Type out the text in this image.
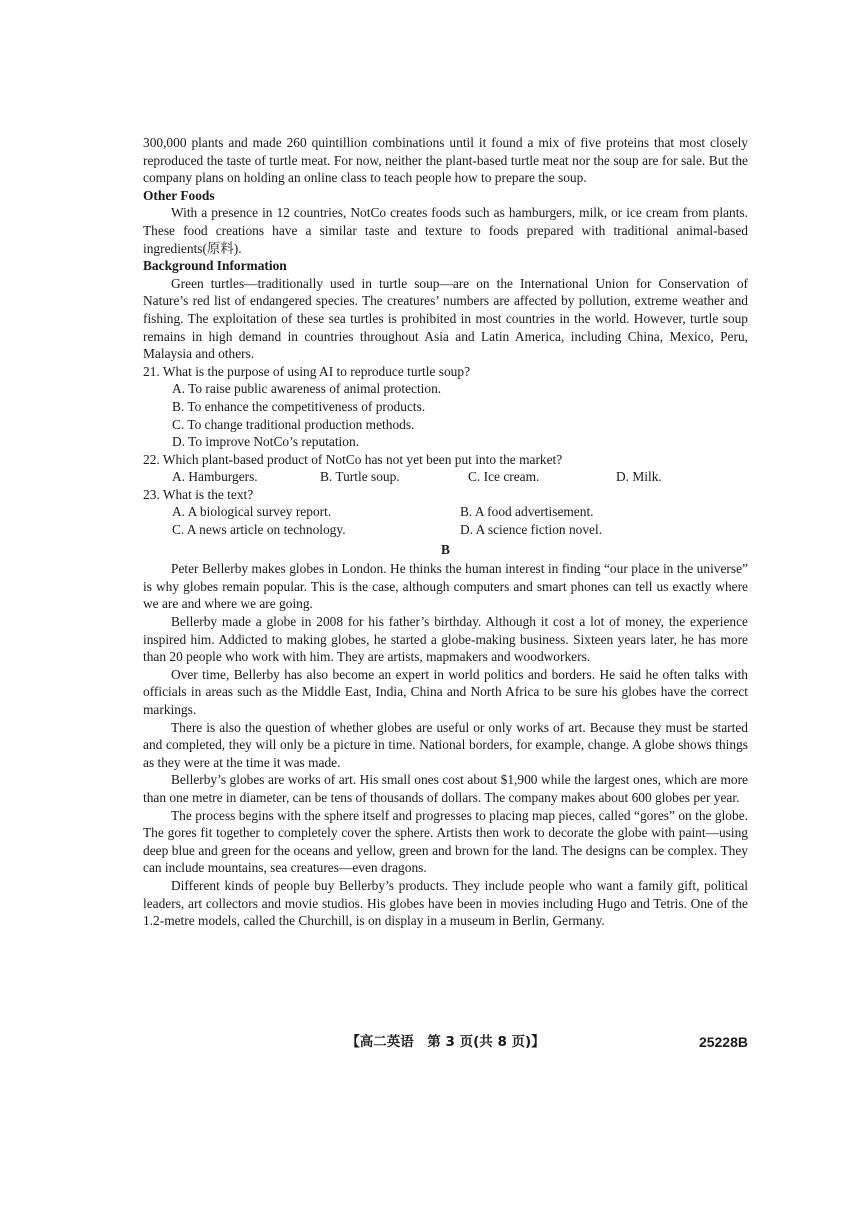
300,000 plants and made 260 quintillion combinations until it found a mix of five proteins that most closely reproduced the taste of turtle meat. For now, neither the plant-based turtle meat nor the soup are for sale. But the company plans on holding an online class to teach people how to prepare the soup.

Other Foods

With a presence in 12 countries, NotCo creates foods such as hamburgers, milk, or ice cream from plants. These food creations have a similar taste and texture to foods prepared with traditional animal-based ingredients(原料).

Background Information

Green turtles—traditionally used in turtle soup—are on the International Union for Conservation of Nature’s red list of endangered species. The creatures’ numbers are affected by pollution, extreme weather and fishing. The exploitation of these sea turtles is prohibited in most countries in the world. However, turtle soup remains in high demand in countries throughout Asia and Latin America, including China, Mexico, Peru, Malaysia and others.

21. What is the purpose of using AI to reproduce turtle soup?
A. To raise public awareness of animal protection.
B. To enhance the competitiveness of products.
C. To change traditional production methods.
D. To improve NotCo’s reputation.
22. Which plant-based product of NotCo has not yet been put into the market?
A. Hamburgers.	B. Turtle soup.	C. Ice cream.	D. Milk.
23. What is the text?
A. A biological survey report.	B. A food advertisement.
C. A news article on technology.	D. A science fiction novel.
B

Peter Bellerby makes globes in London. He thinks the human interest in finding “our place in the universe” is why globes remain popular. This is the case, although computers and smart phones can tell us exactly where we are and where we are going.

Bellerby made a globe in 2008 for his father’s birthday. Although it cost a lot of money, the experience inspired him. Addicted to making globes, he started a globe-making business. Sixteen years later, he has more than 20 people who work with him. They are artists, mapmakers and woodworkers.

Over time, Bellerby has also become an expert in world politics and borders. He said he often talks with officials in areas such as the Middle East, India, China and North Africa to be sure his globes have the correct markings.

There is also the question of whether globes are useful or only works of art. Because they must be started and completed, they will only be a picture in time. National borders, for example, change. A globe shows things as they were at the time it was made.

Bellerby’s globes are works of art. His small ones cost about $1,900 while the largest ones, which are more than one metre in diameter, can be tens of thousands of dollars. The company makes about 600 globes per year.

The process begins with the sphere itself and progresses to placing map pieces, called “gores” on the globe. The gores fit together to completely cover the sphere. Artists then work to decorate the globe with paint—using deep blue and green for the oceans and yellow, green and brown for the land. The designs can be complex. They can include mountains, sea creatures—even dragons.

Different kinds of people buy Bellerby’s products. They include people who want a family gift, political leaders, art collectors and movie studios. His globes have been in movies including Hugo and Tetris. One of the 1.2-metre models, called the Churchill, is on display in a museum in Berlin, Germany.

【高二英语　第 3 页(共 8 页)】	25228B
